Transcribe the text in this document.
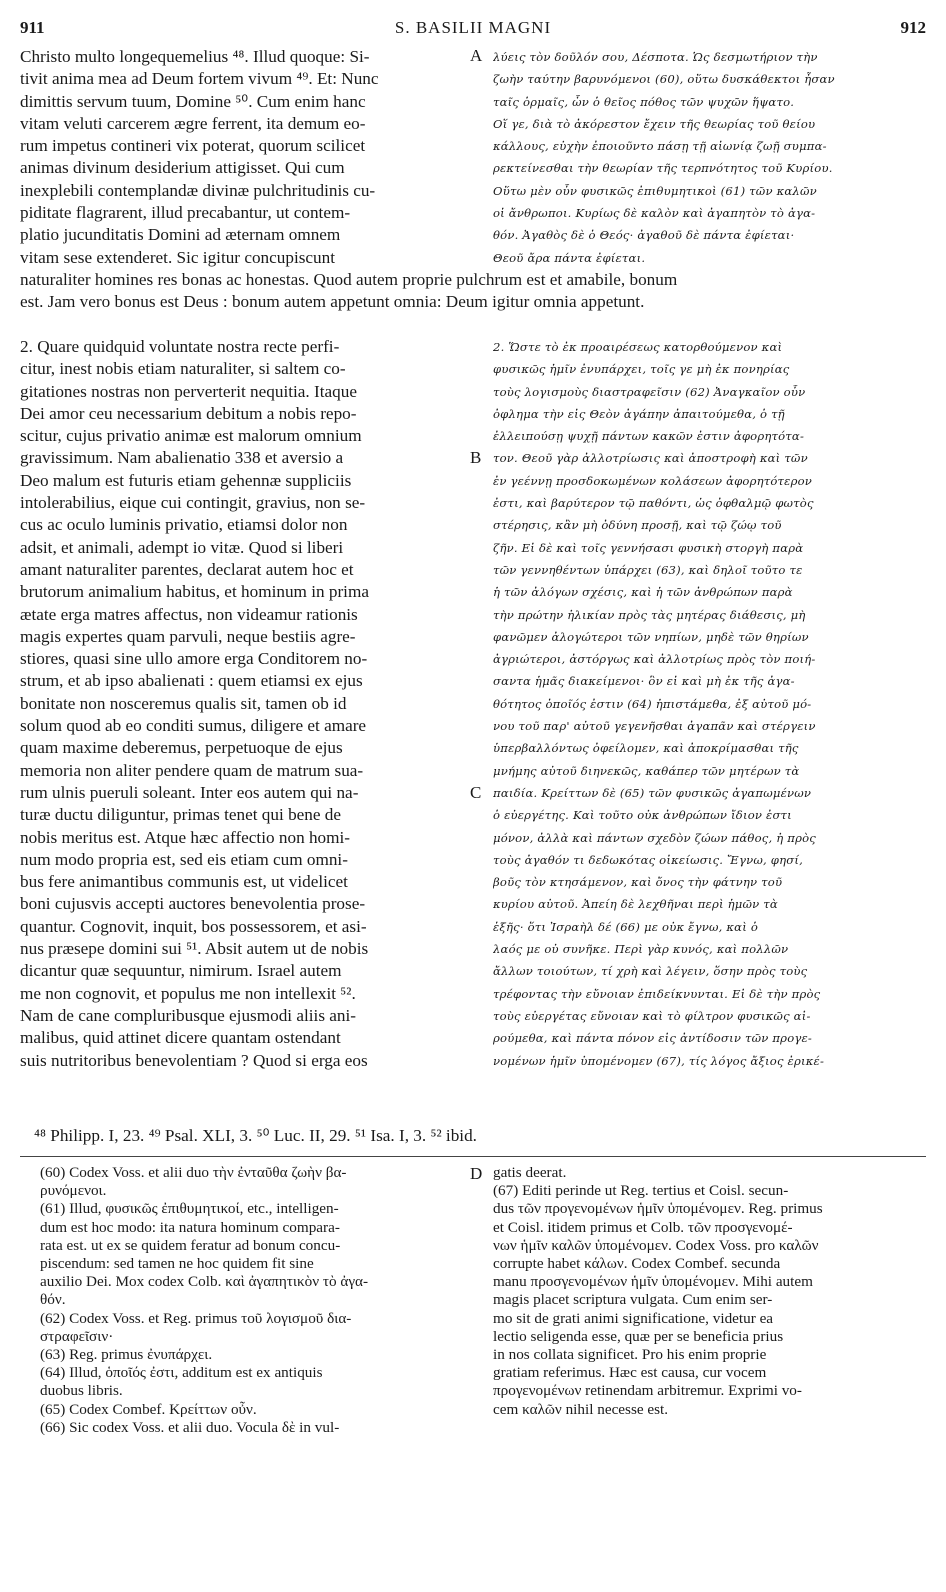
911	S. BASILII MAGNI	912
Christo multo longequemelius ⁴⁸. Illud quoque: Si-
tivit anima mea ad Deum fortem vivum ⁴⁹. Et: Nunc
dimittis servum tuum, Domine ⁵⁰. Cum enim hanc
vitam veluti carcerem ægre ferrent, ita demum eo-
rum impetus contineri vix poterat, quorum scilicet
animas divinum desiderium attigisset. Qui cum
inexplebili contemplandæ divinæ pulchritudinis cu-
piditate flagrarent, illud precabantur, ut contem-
platio jucunditatis Domini ad æternam omnem
vitam sese extenderet. Sic igitur concupiscunt
λύεις τὸν δοῦλόν σου, Δέσποτα. Ὡς δεσμωτήριον τὴν
ζωὴν ταύτην βαρυνόμενοι (60), οὕτω δυσκάθεκτοι ἦσαν
ταῖς ὁρμαῖς, ὧν ὁ θεῖος πόθος τῶν ψυχῶν ἥψατο.
Οἵ γε, διὰ τὸ ἀκόρεστον ἔχειν τῆς θεωρίας τοῦ θείου
κάλλους, εὐχὴν ἐποιοῦντο πάσῃ τῇ αἰωνίᾳ ζωῇ συμπα-
ρεκτείνεσθαι τὴν θεωρίαν τῆς τερπνότητος τοῦ Κυρίου.
Οὕτω μὲν οὖν φυσικῶς ἐπιθυμητικοὶ (61) τῶν καλῶν
οἱ ἄνθρωποι. Κυρίως δὲ καλὸν καὶ ἀγαπητὸν τὸ ἀγα-
θόν. Ἀγαθὸς δὲ ὁ Θεός· ἀγαθοῦ δὲ πάντα ἐφίεται·
Θεοῦ ἄρα πάντα ἐφίεται.
naturaliter homines res bonas ac honestas. Quod autem proprie pulchrum est et amabile, bonum
est. Jam vero bonus est Deus : bonum autem appetunt omnia: Deum igitur omnia appetunt.
2. Quare quidquid voluntate nostra recte perfi-
citur, inest nobis etiam naturaliter, si saltem co-
gitationes nostras non perverterit nequitia. Itaque
Dei amor ceu necessarium debitum a nobis repo-
scitur, cujus privatio animæ est malorum omnium
gravissimum. Nam abalienatio 338 et aversio a
Deo malum est futuris etiam gehennæ suppliciis
intolerabilius, eique cui contingit, gravius, non se-
cus ac oculo luminis privatio, etiamsi dolor non
adsit, et animali, adempt io vitæ. Quod si liberi
amant naturaliter parentes, declarat autem hoc et
brutorum animalium habitus, et hominum in prima
ætate erga matres affectus, non videamur rationis
magis expertes quam parvuli, neque bestiis agre-
stiores, quasi sine ullo amore erga Conditorem no-
strum, et ab ipso abalienati : quem etiamsi ex ejus
bonitate non nosceremus qualis sit, tamen ob id
solum quod ab eo conditi sumus, diligere et amare
quam maxime deberemus, perpetuoque de ejus
memoria non aliter pendere quam de matrum sua-
rum ulnis pueruli soleant. Inter eos autem qui na-
turæ ductu diliguntur, primas tenet qui bene de
nobis meritus est. Atque hæc affectio non homi-
num modo propria est, sed eis etiam cum omni-
bus fere animantibus communis est, ut videlicet
boni cujusvis accepti auctores benevolentia prose-
quantur. Cognovit, inquit, bos possessorem, et asi-
nus præsepe domini sui ⁵¹. Absit autem ut de nobis
dicantur quæ sequuntur, nimirum. Israel autem
me non cognovit, et populus me non intellexit ⁵².
Nam de cane compluribusque ejusmodi aliis ani-
malibus, quid attinet dicere quantam ostendant
suis nutritoribus benevolentiam ? Quod si erga eos
2. Ὥστε τὸ ἐκ προαιρέσεως κατορθούμενον καὶ
φυσικῶς ἡμῖν ἐνυπάρχει, τοῖς γε μὴ ἐκ πονηρίας
τοὺς λογισμοὺς διαστραφεῖσιν (62) Ἀναγκαῖον οὖν
ὀφλημα τὴν εἰς Θεὸν ἀγάπην ἀπαιτούμεθα, ὁ τῇ
ἐλλειπούσῃ ψυχῇ πάντων κακῶν ἐστιν ἀφορητότα-
τον. Θεοῦ γὰρ ἀλλοτρίωσις καὶ ἀποστροφὴ καὶ τῶν
ἐν γεέννῃ προσδοκωμένων κολάσεων ἀφορητότερον
ἐστι, καὶ βαρύτερον τῷ παθόντι, ὡς ὀφθαλμῷ φωτὸς
στέρησις, κἂν μὴ ὀδύνη προσῇ, καὶ τῷ ζώῳ τοῦ
ζῆν. Εἰ δὲ καὶ τοῖς γεννήσασι φυσικὴ στοργὴ παρὰ
τῶν γεννηθέντων ὑπάρχει (63), καὶ δηλοῖ τοῦτο τε
ἡ τῶν ἀλόγων σχέσις, καὶ ἡ τῶν ἀνθρώπων παρὰ
τὴν πρώτην ἡλικίαν πρὸς τὰς μητέρας διάθεσις, μὴ
φανῶμεν ἀλογώτεροι τῶν νηπίων, μηδὲ τῶν θηρίων
ἀγριώτεροι, ἀστόργως καὶ ἀλλοτρίως πρὸς τὸν ποιή-
σαντα ἡμᾶς διακείμενοι· ὃν εἰ καὶ μὴ ἐκ τῆς ἀγα-
θότητος ὁποῖός ἐστιν (64) ἠπιστάμεθα, ἐξ αὐτοῦ μό-
νου τοῦ παρ' αὐτοῦ γεγενῆσθαι ἀγαπᾶν καὶ στέργειν
ὑπερβαλλόντως ὀφείλομεν, καὶ ἀποκρίμασθαι τῆς
μνήμης αὐτοῦ διηνεκῶς, καθάπερ τῶν μητέρων τὰ
παιδία. Κρείττων δὲ (65) τῶν φυσικῶς ἀγαπωμένων
ὁ εὐεργέτης. Καὶ τοῦτο οὐκ ἀνθρώπων ἴδιον ἐστι
μόνον, ἀλλὰ καὶ πάντων σχεδὸν ζώων πάθος, ἡ πρὸς
τοὺς ἀγαθόν τι δεδωκότας οἰκείωσις. Ἔγνω, φησί,
βοῦς τὸν κτησάμενον, καὶ ὄνος τὴν φάτνην τοῦ
κυρίου αὐτοῦ. Ἀπείη δὲ λεχθῆναι περὶ ἡμῶν τὰ
ἑξῆς· ὅτι Ἰσραὴλ δέ (66) με οὐκ ἔγνω, καὶ ὁ
λαός με οὐ συνῆκε. Περὶ γὰρ κυνός, καὶ πολλῶν
ἄλλων τοιούτων, τί χρὴ καὶ λέγειν, ὅσην πρὸς τοὺς
τρέφοντας τὴν εὔνοιαν ἐπιδείκνυνται. Εἰ δὲ τὴν πρὸς
τοὺς εὐεργέτας εὔνοιαν καὶ τὸ φίλτρον φυσικῶς αἱ-
ρούμεθα, καὶ πάντα πόνον εἰς ἀντίδοσιν τῶν προγε-
νομένων ἡμῖν ὑπομένομεν (67), τίς λόγος ἄξιος ἐρικέ-
A
B
C
D
⁴⁸ Philipp. I, 23. ⁴⁹ Psal. XLI, 3. ⁵⁰ Luc. II, 29. ⁵¹ Isa. I, 3. ⁵² ibid.
(60) Codex Voss. et alii duo τὴν ἐνταῦθα ζωὴν βα-
ρυνόμενοι.
(61) Illud, φυσικῶς ἐπιθυμητικοί, etc., intelligen-
dum est hoc modo: ita natura hominum compara-
rata est. ut ex se quidem feratur ad bonum concu-
piscendum: sed tamen ne hoc quidem fit sine
auxilio Dei. Mox codex Colb. καὶ ἀγαπητικὸν τὸ ἀγα-
θόν.
(62) Codex Voss. et Reg. primus τοῦ λογισμοῦ δια-
στραφεῖσιν·
(63) Reg. primus ἐνυπάρχει.
(64) Illud, ὁποῖός ἐστι, additum est ex antiquis
duobus libris.
(65) Codex Combef. Κρείττων οὖν.
(66) Sic codex Voss. et alii duo. Vocula δὲ in vul-
gatis deerat.
(67) Editi perinde ut Reg. tertius et Coisl. secun-
dus τῶν προγενομένων ἡμῖν ὑπομένομεν. Reg. primus
et Coisl. itidem primus et Colb. τῶν προσγενομέ-
νων ἡμῖν καλῶν ὑπομένομεν. Codex Voss. pro καλῶν
corrupte habet κάλων. Codex Combef. secunda
manu προσγενομένων ἡμῖν ὑπομένομεν. Mihi autem
magis placet scriptura vulgata. Cum enim ser-
mo sit de grati animi significatione, videtur ea
lectio seligenda esse, quæ per se beneficia prius
in nos collata significet. Pro his enim proprie
gratiam referimus. Hæc est causa, cur vocem
προγενομένων retinendam arbitremur. Exprimi vo-
cem καλῶν nihil necesse est.
